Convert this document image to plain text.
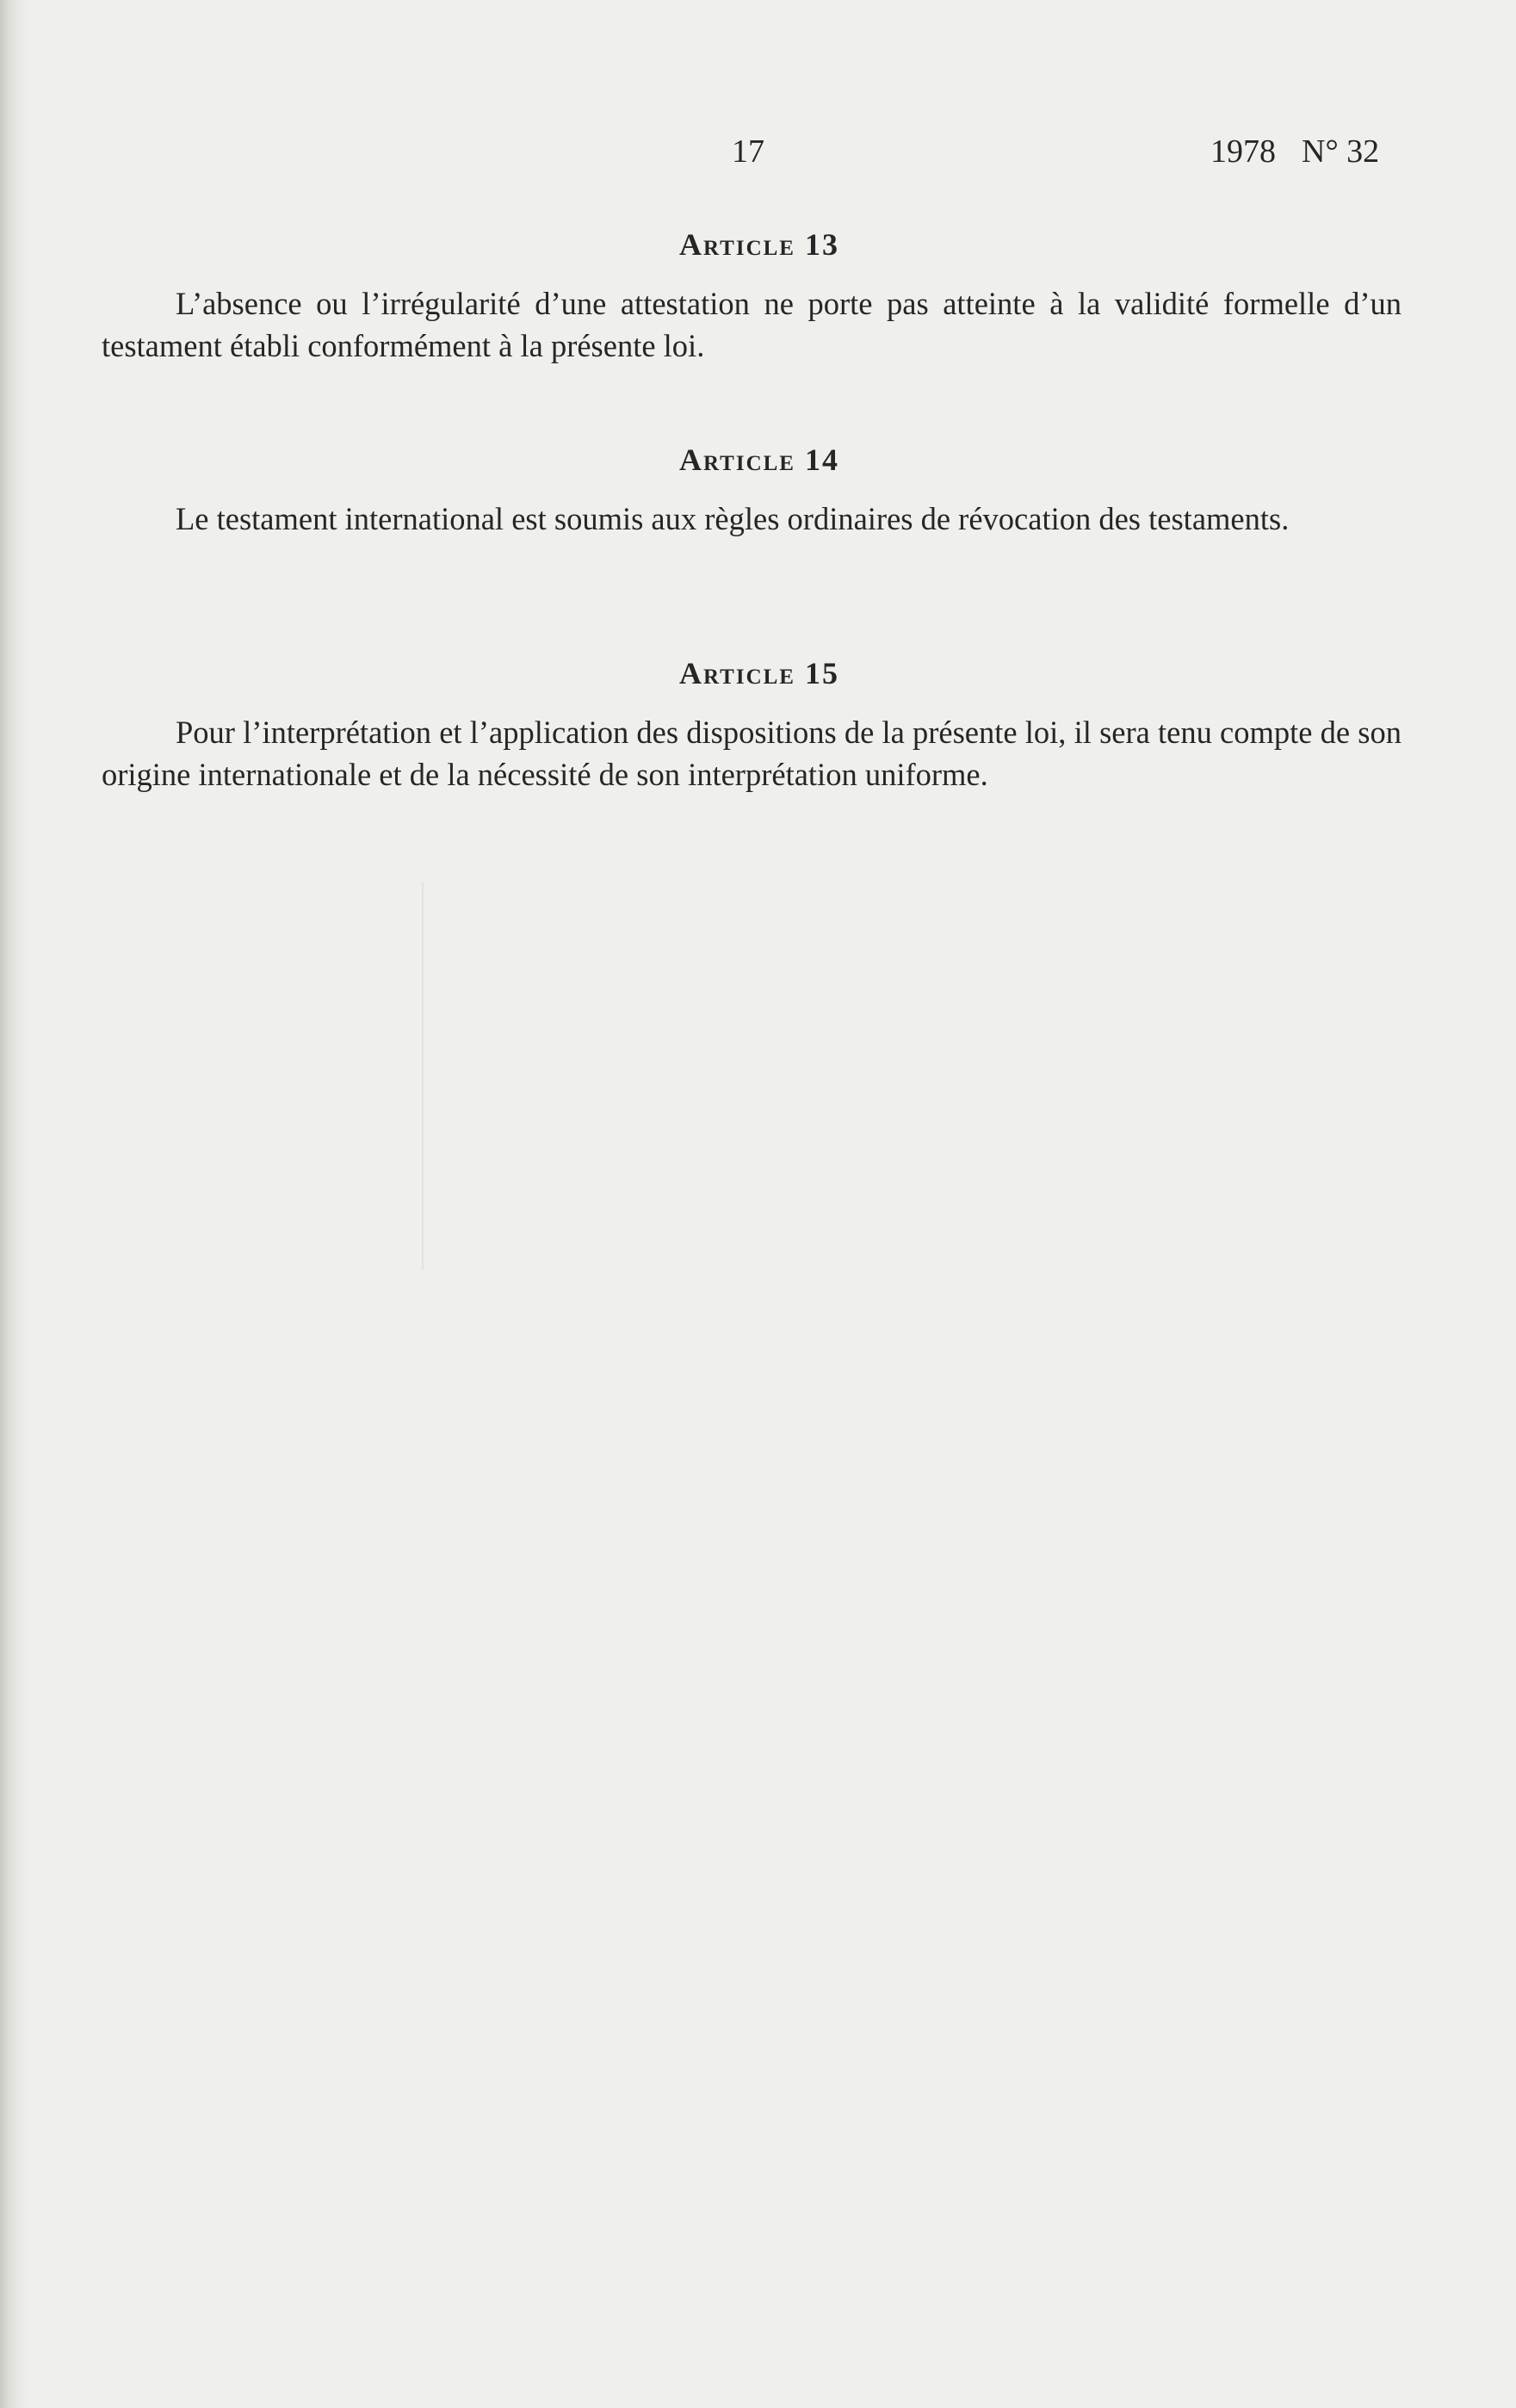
17	1978 N° 32
Article 13

L’absence ou l’irrégularité d’une attestation ne porte pas atteinte à la validité formelle d’un testament établi conformément à la présente loi.

Article 14

Le testament international est soumis aux règles ordinaires de révocation des testaments.

Article 15

Pour l’interprétation et l’application des dispositions de la présente loi, il sera tenu compte de son origine internationale et de la nécessité de son interprétation uniforme.
